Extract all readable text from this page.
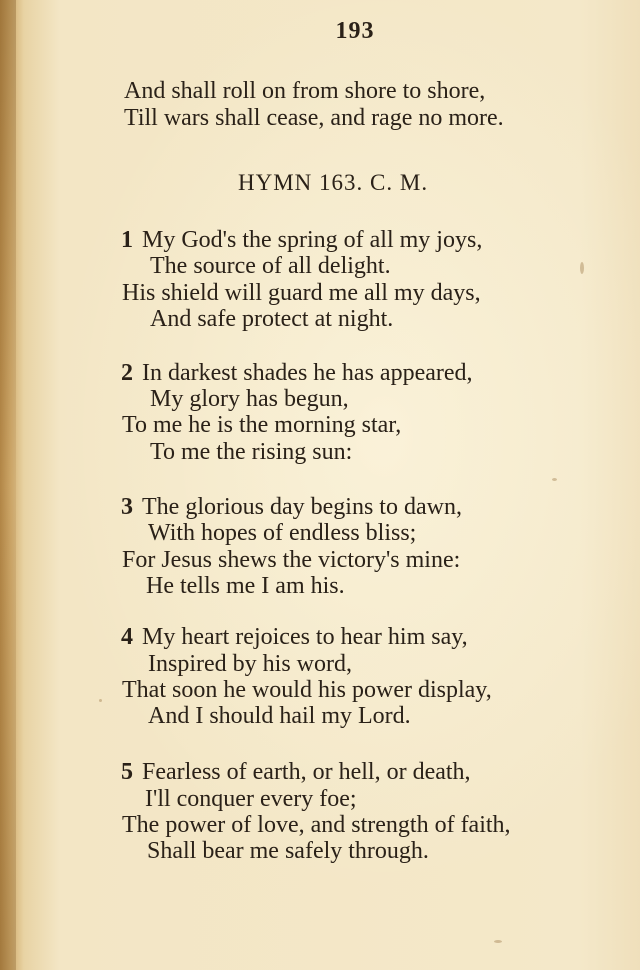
193
And shall roll on from shore to shore,
Till wars shall cease, and rage no more.
HYMN 163. C. M.
1 My God's the spring of all my joys,
The source of all delight.
His shield will guard me all my days,
And safe protect at night.
2 In darkest shades he has appeared,
My glory has begun,
To me he is the morning star,
To me the rising sun:
3 The glorious day begins to dawn,
With hopes of endless bliss;
For Jesus shews the victory's mine:
He tells me I am his.
4 My heart rejoices to hear him say,
Inspired by his word,
That soon he would his power display,
And I should hail my Lord.
5 Fearless of earth, or hell, or death,
I'll conquer every foe;
The power of love, and strength of faith,
Shall bear me safely through.
